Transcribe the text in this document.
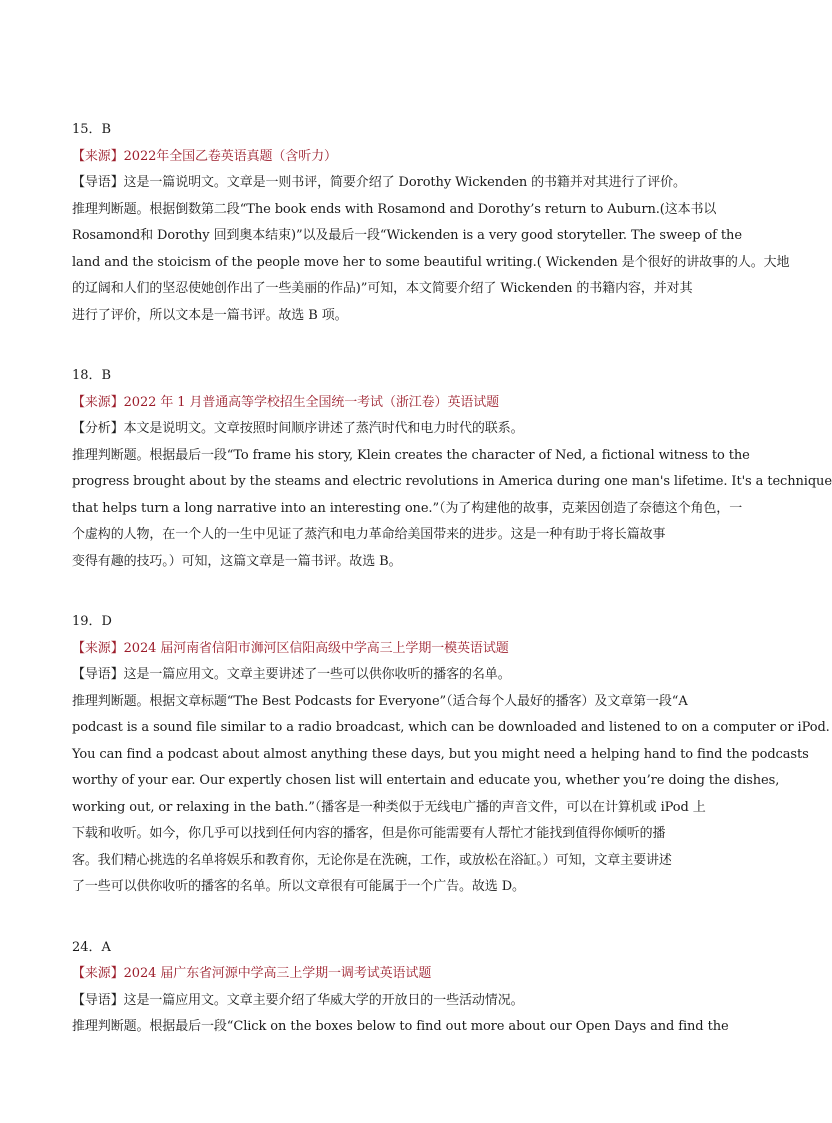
15．B
【来源】2022年全国乙卷英语真题（含听力）
【导语】这是一篇说明文。文章是一则书评，简要介绍了 Dorothy Wickenden 的书籍并对其进行了评价。
推理判断题。根据倒数第二段“The book ends with Rosamond and Dorothy’s return to Auburn.(这本书以
Rosamond和 Dorothy 回到奥本结束)”以及最后一段“Wickenden is a very good storyteller. The sweep of the
land and the stoicism of the people move her to some beautiful writing.( Wickenden 是个很好的讲故事的人。大地
的辽阔和人们的坚忍使她创作出了一些美丽的作品)”可知，本文简要介绍了 Wickenden 的书籍内容，并对其
进行了评价，所以文本是一篇书评。故选 B 项。
18．B
【来源】2022 年 1 月普通高等学校招生全国统一考试（浙江卷）英语试题
【分析】本文是说明文。文章按照时间顺序讲述了蒸汽时代和电力时代的联系。
推理判断题。根据最后一段“To frame his story, Klein creates the character of Ned, a fictional witness to the
progress brought about by the steams and electric revolutions in America during one man's lifetime. It's a technique
that helps turn a long narrative into an interesting one.”（为了构建他的故事，克莱因创造了奈德这个角色，一
个虚构的人物，在一个人的一生中见证了蒸汽和电力革命给美国带来的进步。这是一种有助于将长篇故事
变得有趣的技巧。）可知，这篇文章是一篇书评。故选 B。
19．D
【来源】2024 届河南省信阳市浉河区信阳高级中学高三上学期一模英语试题
【导语】这是一篇应用文。文章主要讲述了一些可以供你收听的播客的名单。
推理判断题。根据文章标题“The Best Podcasts for Everyone”（适合每个人最好的播客）及文章第一段“A
podcast is a sound file similar to a radio broadcast, which can be downloaded and listened to on a computer or iPod.
You can find a podcast about almost anything these days, but you might need a helping hand to find the podcasts
worthy of your ear. Our expertly chosen list will entertain and educate you, whether you’re doing the dishes,
working out, or relaxing in the bath.”（播客是一种类似于无线电广播的声音文件，可以在计算机或 iPod 上
下载和收听。如今，你几乎可以找到任何内容的播客，但是你可能需要有人帮忙才能找到值得你倾听的播
客。我们精心挑选的名单将娱乐和教育你，无论你是在洗碗，工作，或放松在浴缸。）可知，文章主要讲述
了一些可以供你收听的播客的名单。所以文章很有可能属于一个广告。故选 D。
24．A
【来源】2024 届广东省河源中学高三上学期一调考试英语试题
【导语】这是一篇应用文。文章主要介绍了华威大学的开放日的一些活动情况。
推理判断题。根据最后一段“Click on the boxes below to find out more about our Open Days and find the
